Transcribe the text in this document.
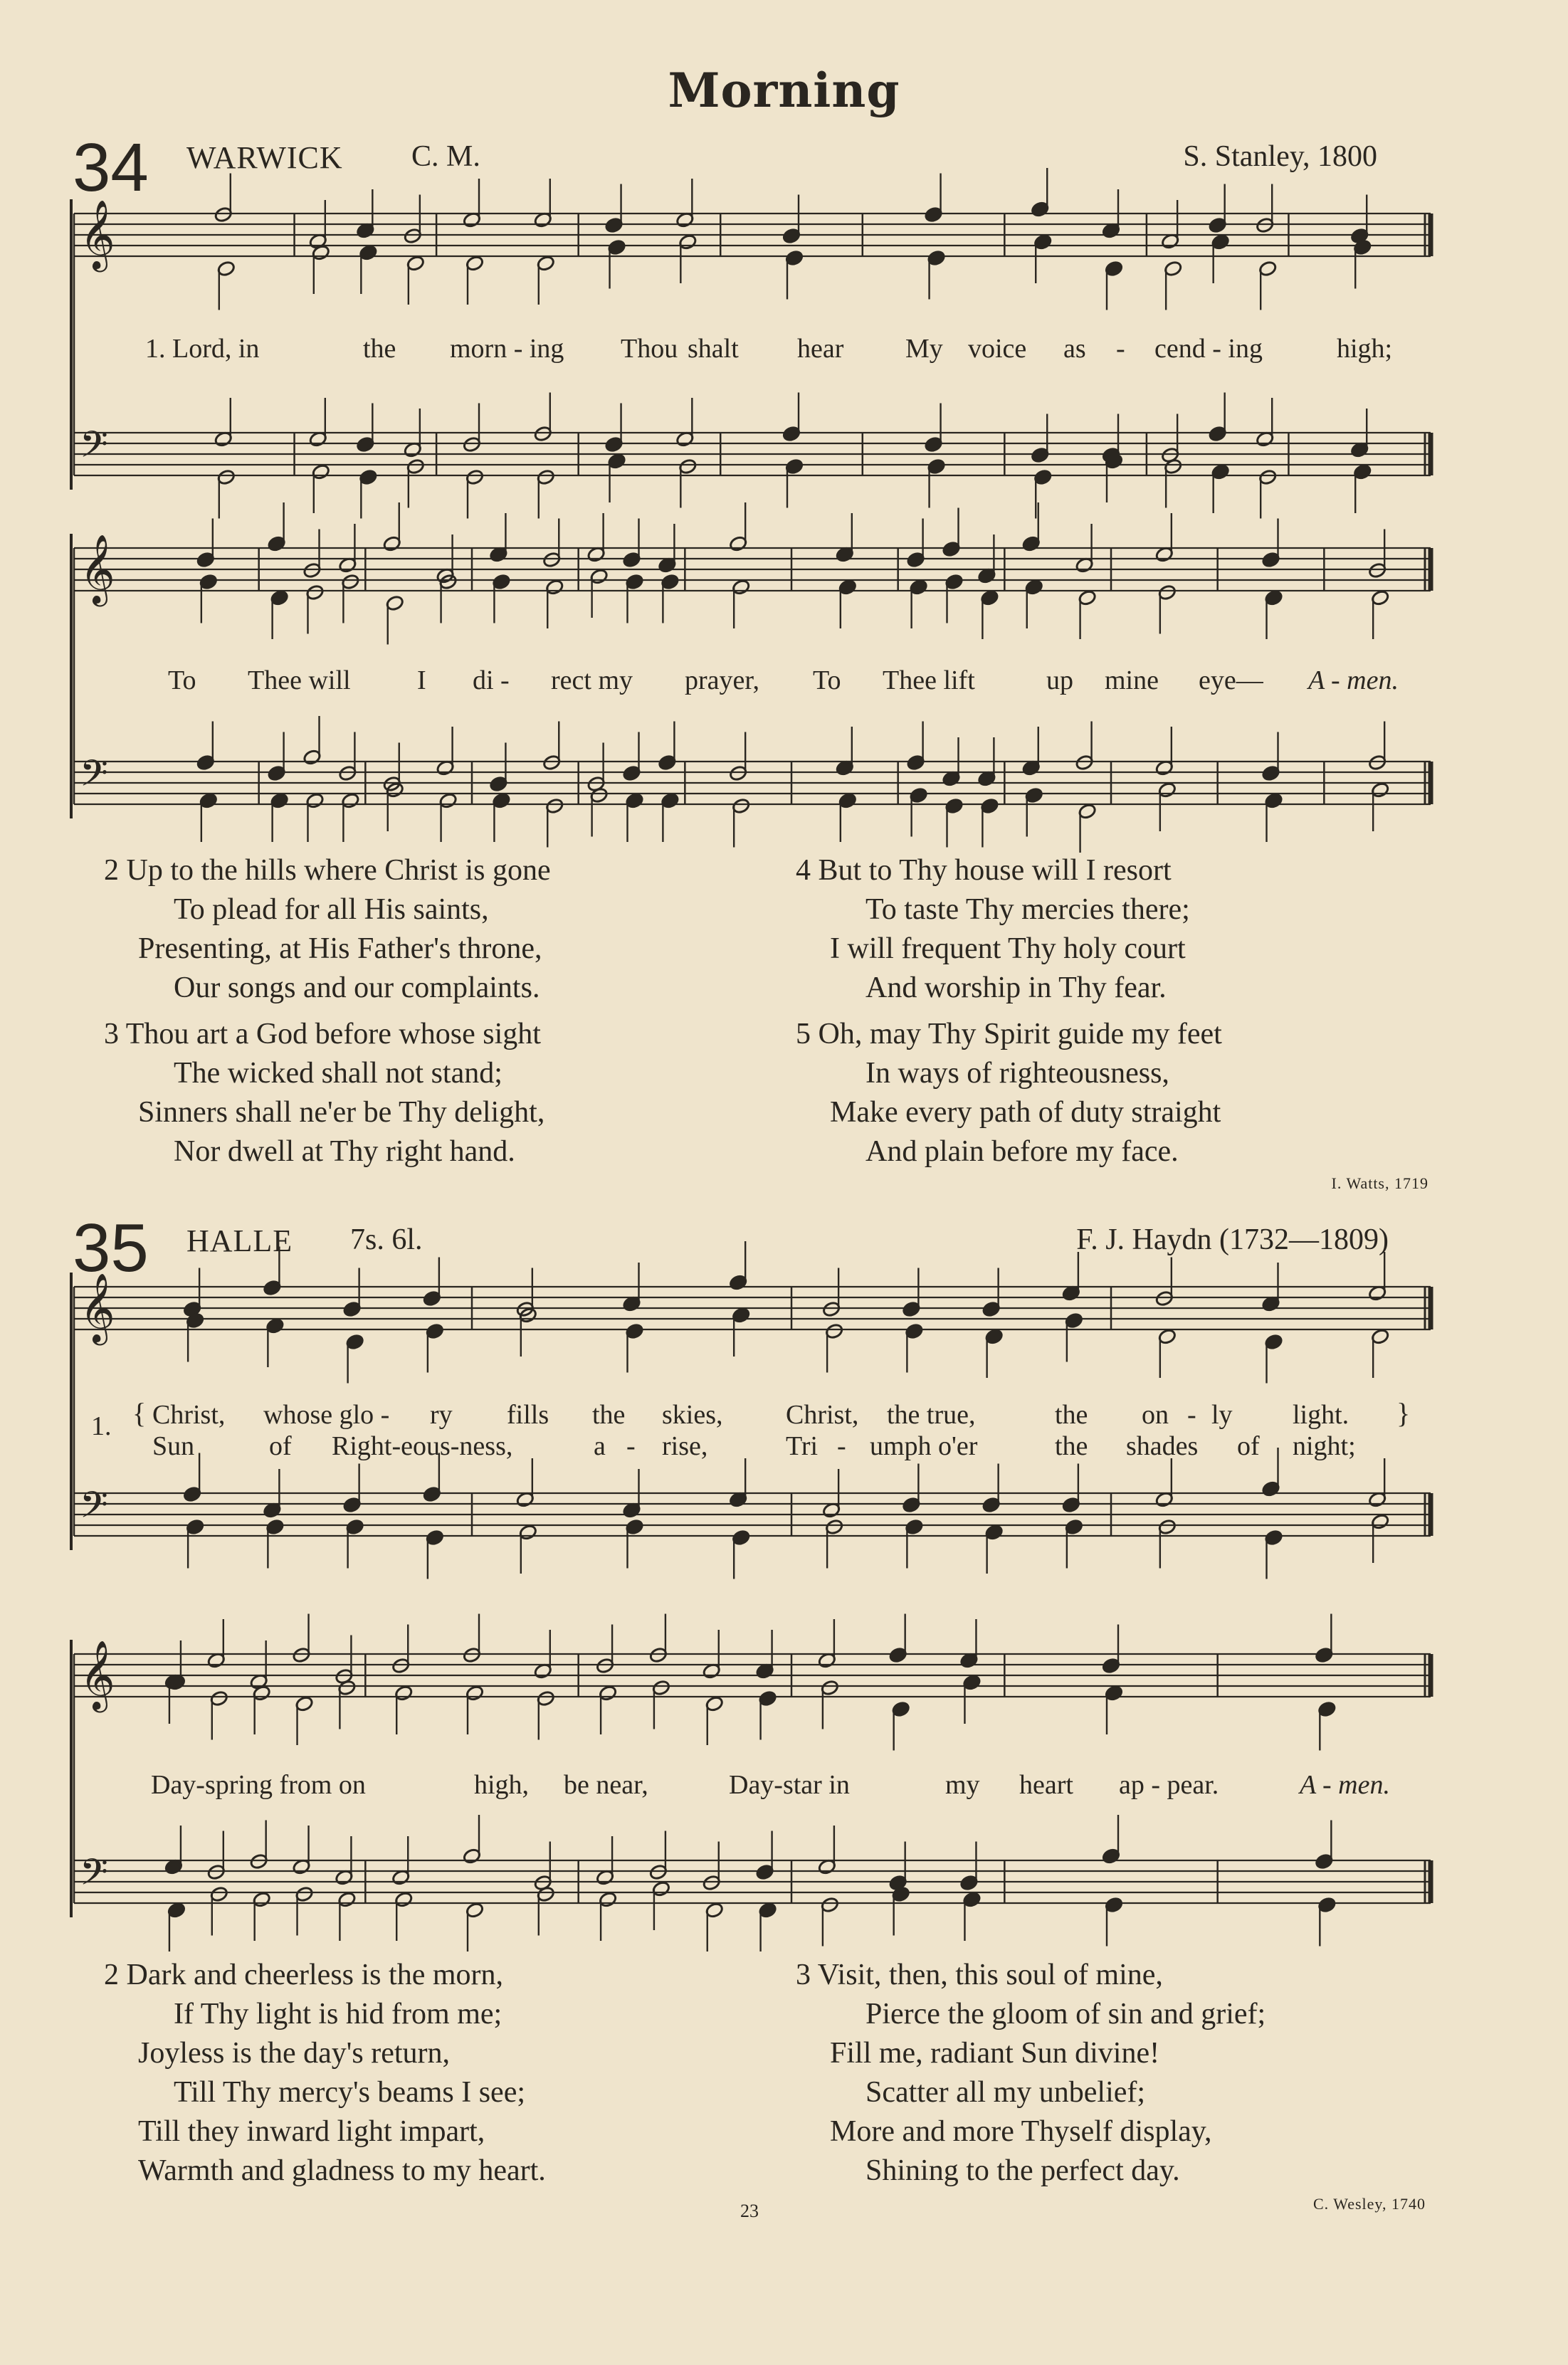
Morning
34 WARWICK C. M.	S. Stanley, 1800
𝄞
𝄢
𝄞
𝄢
𝄞
𝄢
𝄞
𝄢
1. Lord, in	the morn - ing Thou shalt hear My voice as - cend - ing	high;
To Thee will I di - rect my prayer, To Thee lift	up mine eye— A - men.
2 Up to the hills where Christ is gone
To plead for all His saints,
Presenting, at His Father's throne,
Our songs and our complaints.
3 Thou art a God before whose sight
The wicked shall not stand;
Sinners shall ne'er be Thy delight,
Nor dwell at Thy right hand.
4 But to Thy house will I resort
To taste Thy mercies there;
I will frequent Thy holy court
And worship in Thy fear.
5 Oh, may Thy Spirit guide my feet
In ways of righteousness,
Make every path of duty straight
And plain before my face.
I. Watts, 1719
35 HALLE 7s. 6l.	F. J. Haydn (1732—1809)
1. { Christ, whose glo - ry fills the skies, Christ, the true,	the on - ly light. }
Sun	of Right-eous-ness,	a - rise,	Tri - umph o'er	the shades of night;
Day-spring from on	high, be near,	Day-star in	my heart ap - pear.	A - men.
2 Dark and cheerless is the morn,
If Thy light is hid from me;
Joyless is the day's return,
Till Thy mercy's beams I see;
Till they inward light impart,
Warmth and gladness to my heart.
3 Visit, then, this soul of mine,
Pierce the gloom of sin and grief;
Fill me, radiant Sun divine!
Scatter all my unbelief;
More and more Thyself display,
Shining to the perfect day.
C. Wesley, 1740
23
